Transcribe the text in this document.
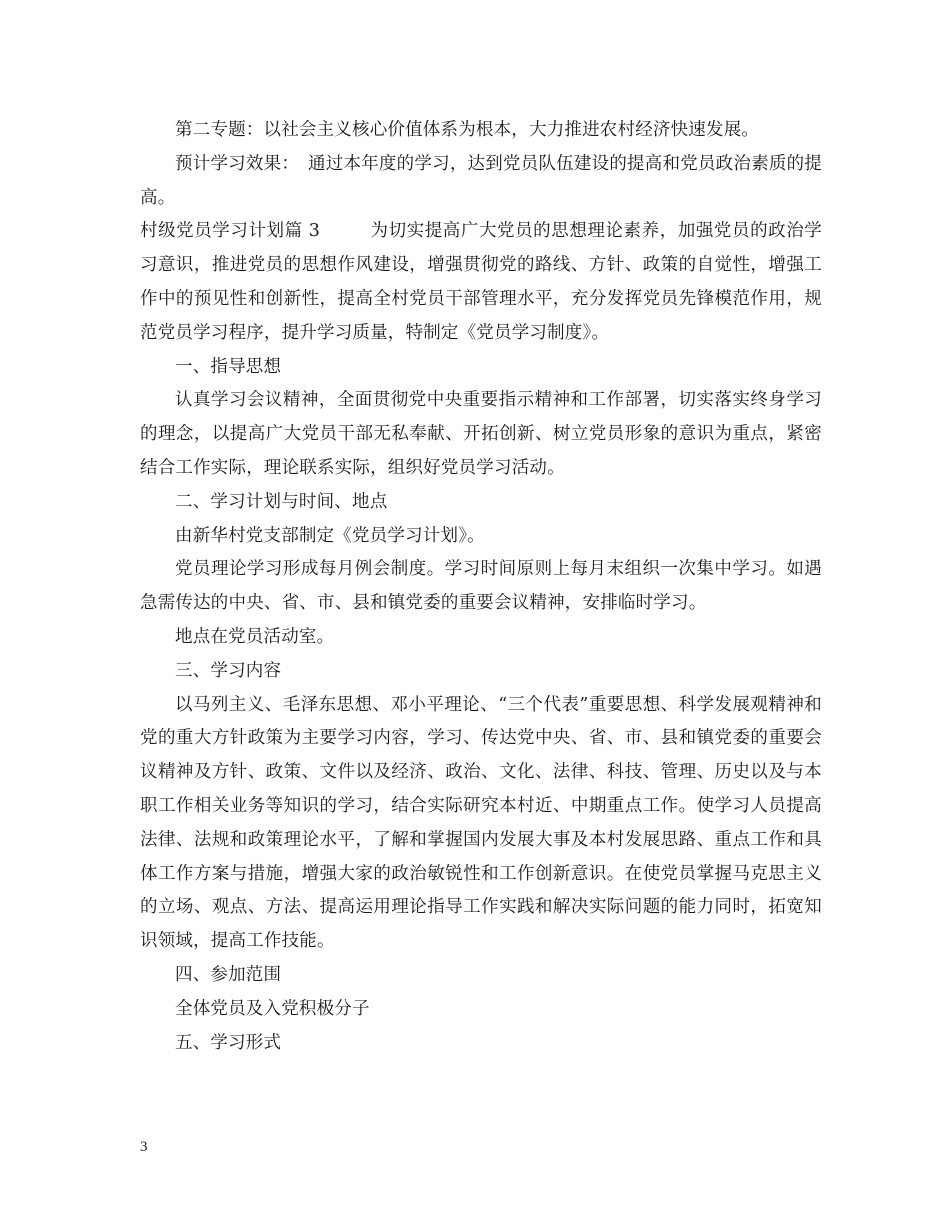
第二专题：以社会主义核心价值体系为根本，大力推进农村经济快速发展。

预计学习效果：　通过本年度的学习，达到党员队伍建设的提高和党员政治素质的提高。

村级党员学习计划篇 3	为切实提高广大党员的思想理论素养，加强党员的政治学习意识，推进党员的思想作风建设，增强贯彻党的路线、方针、政策的自觉性，增强工作中的预见性和创新性，提高全村党员干部管理水平，充分发挥党员先锋模范作用，规范党员学习程序，提升学习质量，特制定《党员学习制度》。

一、指导思想

认真学习会议精神，全面贯彻党中央重要指示精神和工作部署，切实落实终身学习的理念，以提高广大党员干部无私奉献、开拓创新、树立党员形象的意识为重点，紧密结合工作实际，理论联系实际，组织好党员学习活动。

二、学习计划与时间、地点

由新华村党支部制定《党员学习计划》。

党员理论学习形成每月例会制度。学习时间原则上每月末组织一次集中学习。如遇急需传达的中央、省、市、县和镇党委的重要会议精神，安排临时学习。

地点在党员活动室。

三、学习内容

以马列主义、毛泽东思想、邓小平理论、“三个代表”重要思想、科学发展观精神和党的重大方针政策为主要学习内容，学习、传达党中央、省、市、县和镇党委的重要会议精神及方针、政策、文件以及经济、政治、文化、法律、科技、管理、历史以及与本职工作相关业务等知识的学习，结合实际研究本村近、中期重点工作。使学习人员提高法律、法规和政策理论水平，了解和掌握国内发展大事及本村发展思路、重点工作和具体工作方案与措施，增强大家的政治敏锐性和工作创新意识。在使党员掌握马克思主义的立场、观点、方法、提高运用理论指导工作实践和解决实际问题的能力同时，拓宽知识领域，提高工作技能。

四、参加范围

全体党员及入党积极分子

五、学习形式

3
